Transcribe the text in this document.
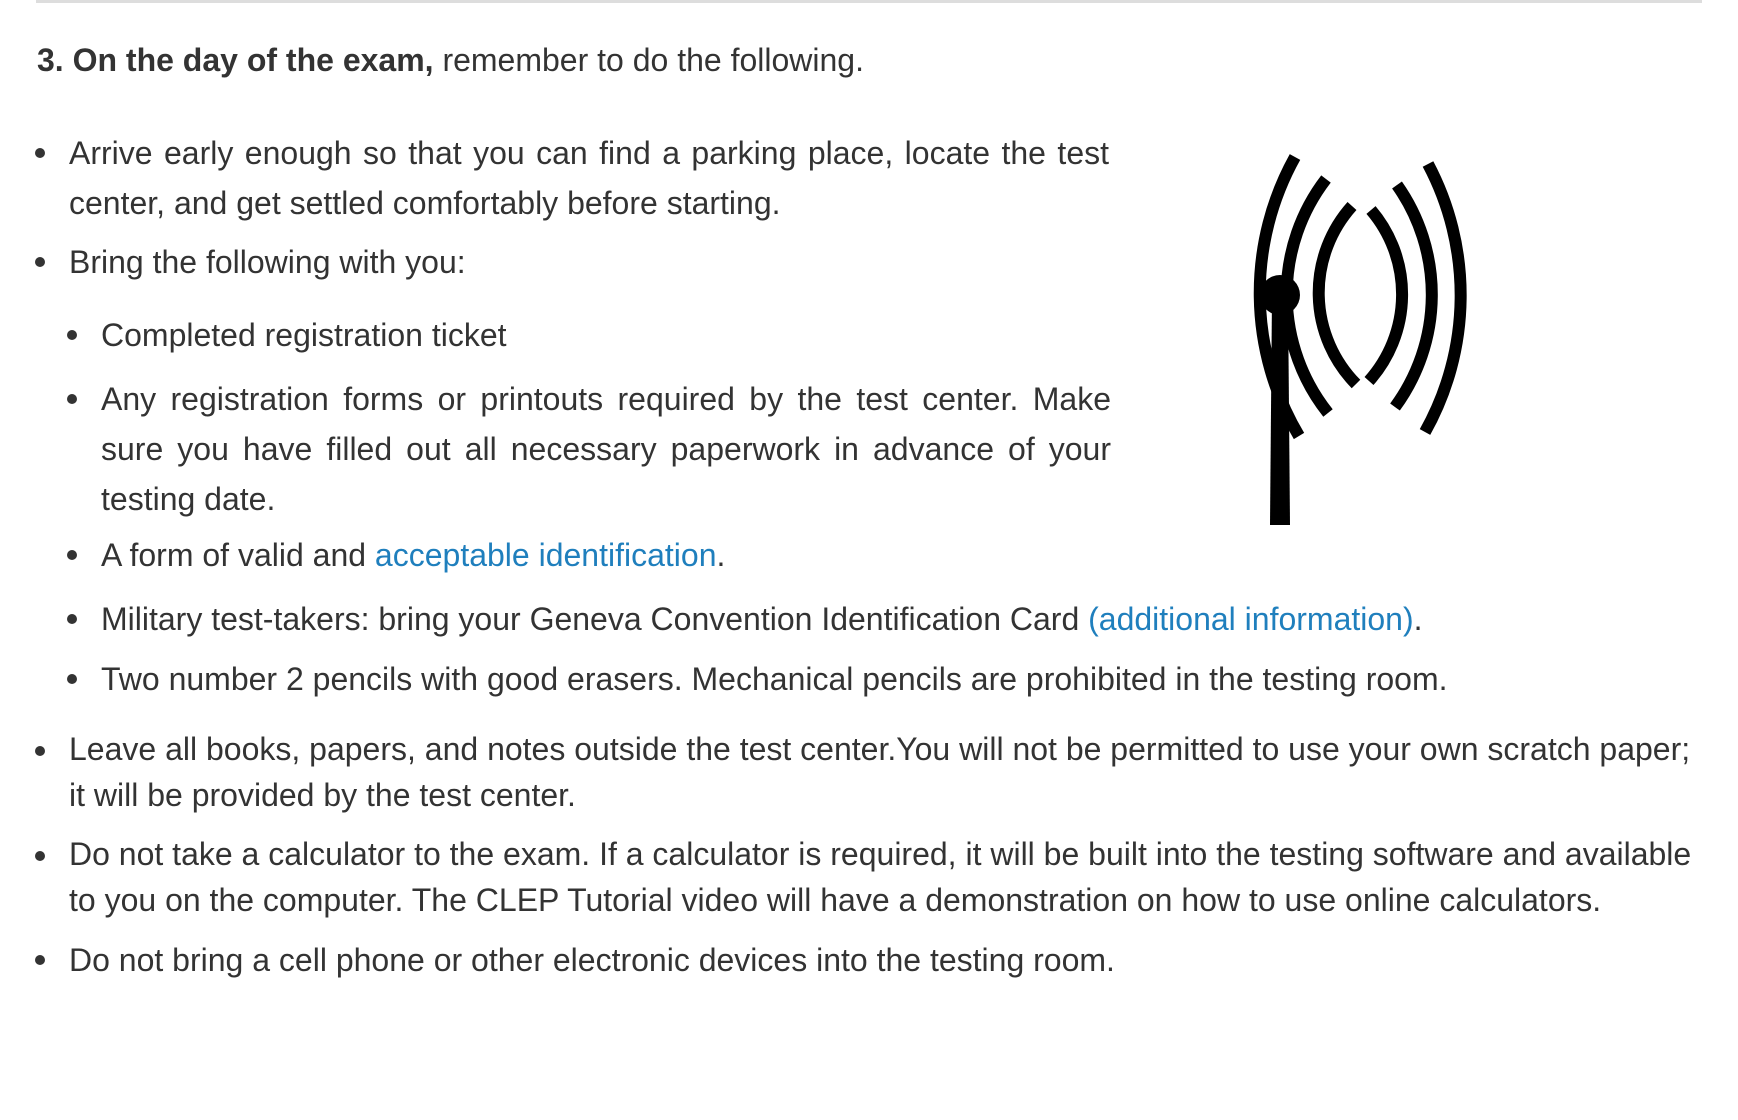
3. On the day of the exam, remember to do the following.
Arrive early enough so that you can find a parking place, locate the test center, and get settled comfortably before starting.
Bring the following with you:
Completed registration ticket
Any registration forms or printouts required by the test center. Make sure you have filled out all necessary paperwork in advance of your testing date.
A form of valid and acceptable identification.
Military test-takers: bring your Geneva Convention Identification Card (additional information).
Two number 2 pencils with good erasers. Mechanical pencils are prohibited in the testing room.
Leave all books, papers, and notes outside the test center.You will not be permitted to use your own scratch paper; it will be provided by the test center.
Do not take a calculator to the exam. If a calculator is required, it will be built into the testing software and available to you on the computer. The CLEP Tutorial video will have a demonstration on how to use online calculators.
Do not bring a cell phone or other electronic devices into the testing room.
